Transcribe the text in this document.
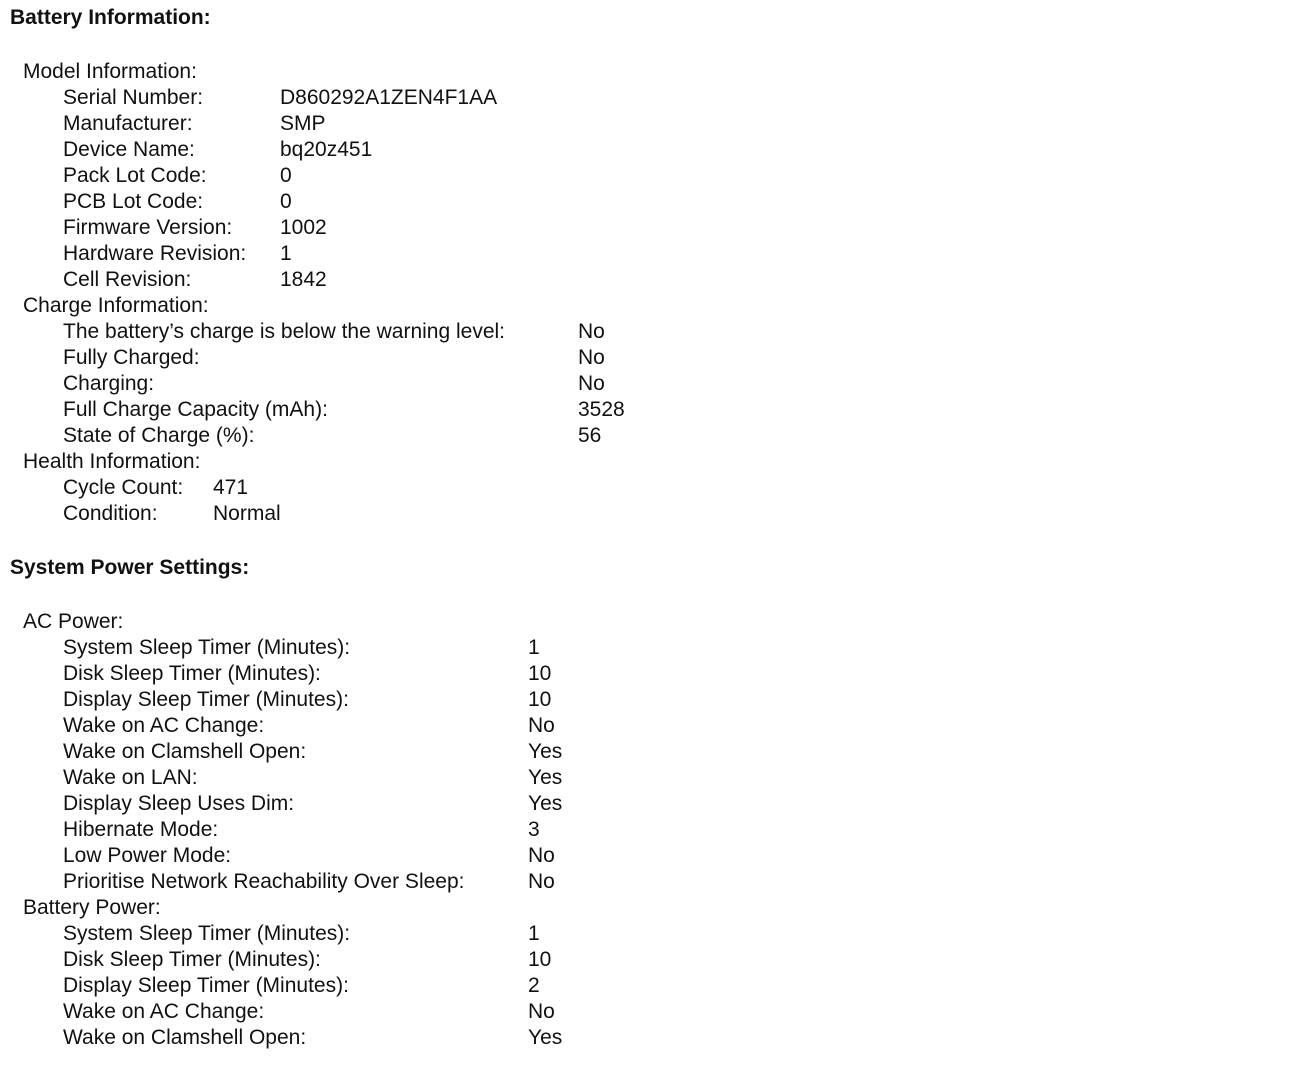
Battery Information:
Model Information:
Serial Number:	D860292A1ZEN4F1AA
Manufacturer:	SMP
Device Name:	bq20z451
Pack Lot Code:	0
PCB Lot Code:	0
Firmware Version: 1002
Hardware Revision: 1
Cell Revision:	1842
Charge Information:
The battery’s charge is below the warning level:	No
Fully Charged:	No
Charging:	No
Full Charge Capacity (mAh):	3528
State of Charge (%):	56
Health Information:
Cycle Count: 471
Condition:	Normal
System Power Settings:
AC Power:
System Sleep Timer (Minutes):	1
Disk Sleep Timer (Minutes):	10
Display Sleep Timer (Minutes):	10
Wake on AC Change:	No
Wake on Clamshell Open:	Yes
Wake on LAN:	Yes
Display Sleep Uses Dim:	Yes
Hibernate Mode:	3
Low Power Mode:	No
Prioritise Network Reachability Over Sleep:	No
Battery Power:
System Sleep Timer (Minutes):	1
Disk Sleep Timer (Minutes):	10
Display Sleep Timer (Minutes):	2
Wake on AC Change:	No
Wake on Clamshell Open:	Yes
